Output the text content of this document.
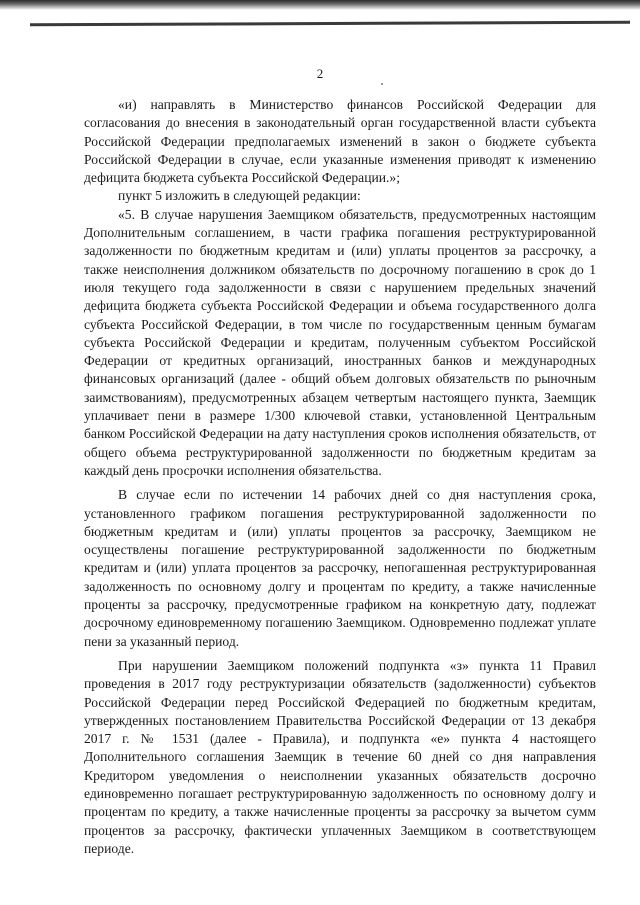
2

«и) направлять в Министерство финансов Российской Федерации для согласования до внесения в законодательный орган государственной власти субъекта Российской Федерации предполагаемых изменений в закон о бюджете субъекта Российской Федерации в случае, если указанные изменения приводят к изменению дефицита бюджета субъекта Российской Федерации.»;

пункт 5 изложить в следующей редакции:

«5. В случае нарушения Заемщиком обязательств, предусмотренных настоящим Дополнительным соглашением, в части графика погашения реструктурированной задолженности по бюджетным кредитам и (или) уплаты процентов за рассрочку, а также неисполнения должником обязательств по досрочному погашению в срок до 1 июля текущего года задолженности в связи с нарушением предельных значений дефицита бюджета субъекта Российской Федерации и объема государственного долга субъекта Российской Федерации, в том числе по государственным ценным бумагам субъекта Российской Федерации и кредитам, полученным субъектом Российской Федерации от кредитных организаций, иностранных банков и международных финансовых организаций (далее - общий объем долговых обязательств по рыночным заимствованиям), предусмотренных абзацем четвертым настоящего пункта, Заемщик уплачивает пени в размере 1/300 ключевой ставки, установленной Центральным банком Российской Федерации на дату наступления сроков исполнения обязательств, от общего объема реструктурированной задолженности по бюджетным кредитам за каждый день просрочки исполнения обязательства.

В случае если по истечении 14 рабочих дней со дня наступления срока, установленного графиком погашения реструктурированной задолженности по бюджетным кредитам и (или) уплаты процентов за рассрочку, Заемщиком не осуществлены погашение реструктурированной задолженности по бюджетным кредитам и (или) уплата процентов за рассрочку, непогашенная реструктурированная задолженность по основному долгу и процентам по кредиту, а также начисленные проценты за рассрочку, предусмотренные графиком на конкретную дату, подлежат досрочному единовременному погашению Заемщиком. Одновременно подлежат уплате пени за указанный период.

При нарушении Заемщиком положений подпункта «з» пункта 11 Правил проведения в 2017 году реструктуризации обязательств (задолженности) субъектов Российской Федерации перед Российской Федерацией по бюджетным кредитам, утвержденных постановлением Правительства Российской Федерации от 13 декабря 2017 г. № 1531 (далее - Правила), и подпункта «е» пункта 4 настоящего Дополнительного соглашения Заемщик в течение 60 дней со дня направления Кредитором уведомления о неисполнении указанных обязательств досрочно единовременно погашает реструктурированную задолженность по основному долгу и процентам по кредиту, а также начисленные проценты за рассрочку за вычетом сумм процентов за рассрочку, фактически уплаченных Заемщиком в соответствующем периоде.
